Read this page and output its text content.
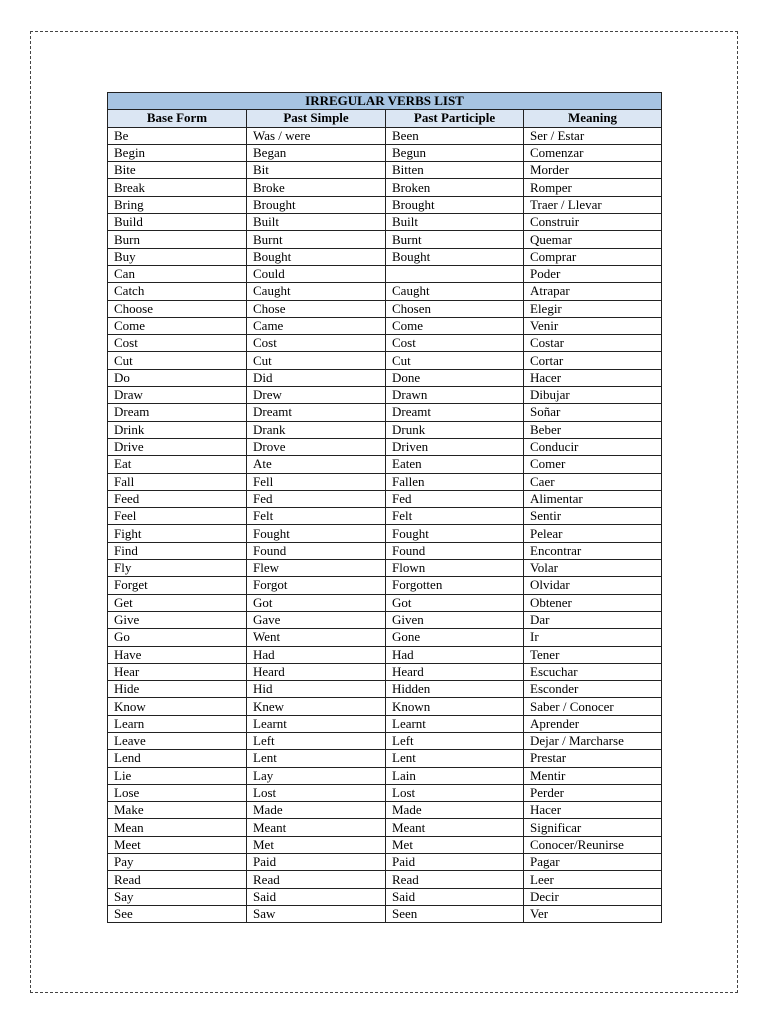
IRREGULAR VERBS LIST			
Base Form	Past Simple	Past Participle	Meaning
Be	Was / were	Been	Ser / Estar
Begin	Began	Begun	Comenzar
Bite	Bit	Bitten	Morder
Break	Broke	Broken	Romper
Bring	Brought	Brought	Traer / Llevar
Build	Built	Built	Construir
Burn	Burnt	Burnt	Quemar
Buy	Bought	Bought	Comprar
Can	Could		Poder
Catch	Caught	Caught	Atrapar
Choose	Chose	Chosen	Elegir
Come	Came	Come	Venir
Cost	Cost	Cost	Costar
Cut	Cut	Cut	Cortar
Do	Did	Done	Hacer
Draw	Drew	Drawn	Dibujar
Dream	Dreamt	Dreamt	Soñar
Drink	Drank	Drunk	Beber
Drive	Drove	Driven	Conducir
Eat	Ate	Eaten	Comer
Fall	Fell	Fallen	Caer
Feed	Fed	Fed	Alimentar
Feel	Felt	Felt	Sentir
Fight	Fought	Fought	Pelear
Find	Found	Found	Encontrar
Fly	Flew	Flown	Volar
Forget	Forgot	Forgotten	Olvidar
Get	Got	Got	Obtener
Give	Gave	Given	Dar
Go	Went	Gone	Ir
Have	Had	Had	Tener
Hear	Heard	Heard	Escuchar
Hide	Hid	Hidden	Esconder
Know	Knew	Known	Saber / Conocer
Learn	Learnt	Learnt	Aprender
Leave	Left	Left	Dejar / Marcharse
Lend	Lent	Lent	Prestar
Lie	Lay	Lain	Mentir
Lose	Lost	Lost	Perder
Make	Made	Made	Hacer
Mean	Meant	Meant	Significar
Meet	Met	Met	Conocer/Reunirse
Pay	Paid	Paid	Pagar
Read	Read	Read	Leer
Say	Said	Said	Decir
See	Saw	Seen	Ver
